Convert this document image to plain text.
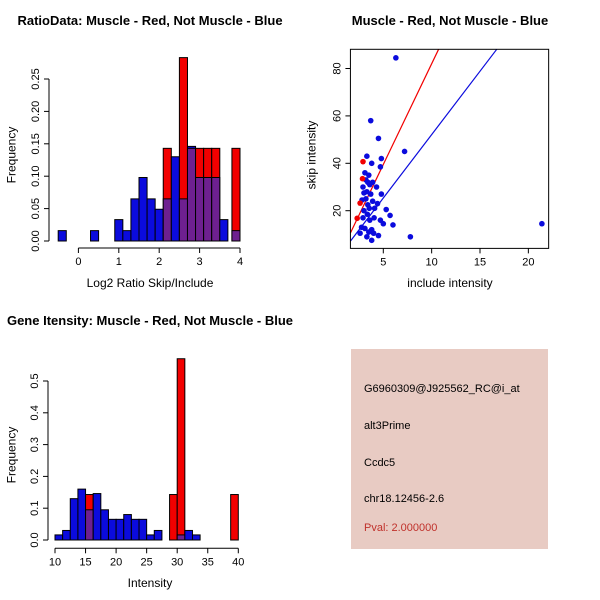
RatioData: Muscle - Red, Not Muscle - Blue
Frequency
0.00
0.05
0.10
0.15
0.20
0.25
0	1	2	3	4
Log2 Ratio Skip/Include
Muscle - Red, Not Muscle - Blue
skip intensity
5	10	15	20
20
40
60
80
include intensity
Gene Itensity: Muscle - Red, Not Muscle - Blue
Frequency
0.0
0.1
0.2
0.3
0.4
0.5
10 15 20 25 30 35 40
Intensity
G6960309@J925562_RC@i_at
alt3Prime
Ccdc5
chr18.12456-2.6
Pval: 2.000000
